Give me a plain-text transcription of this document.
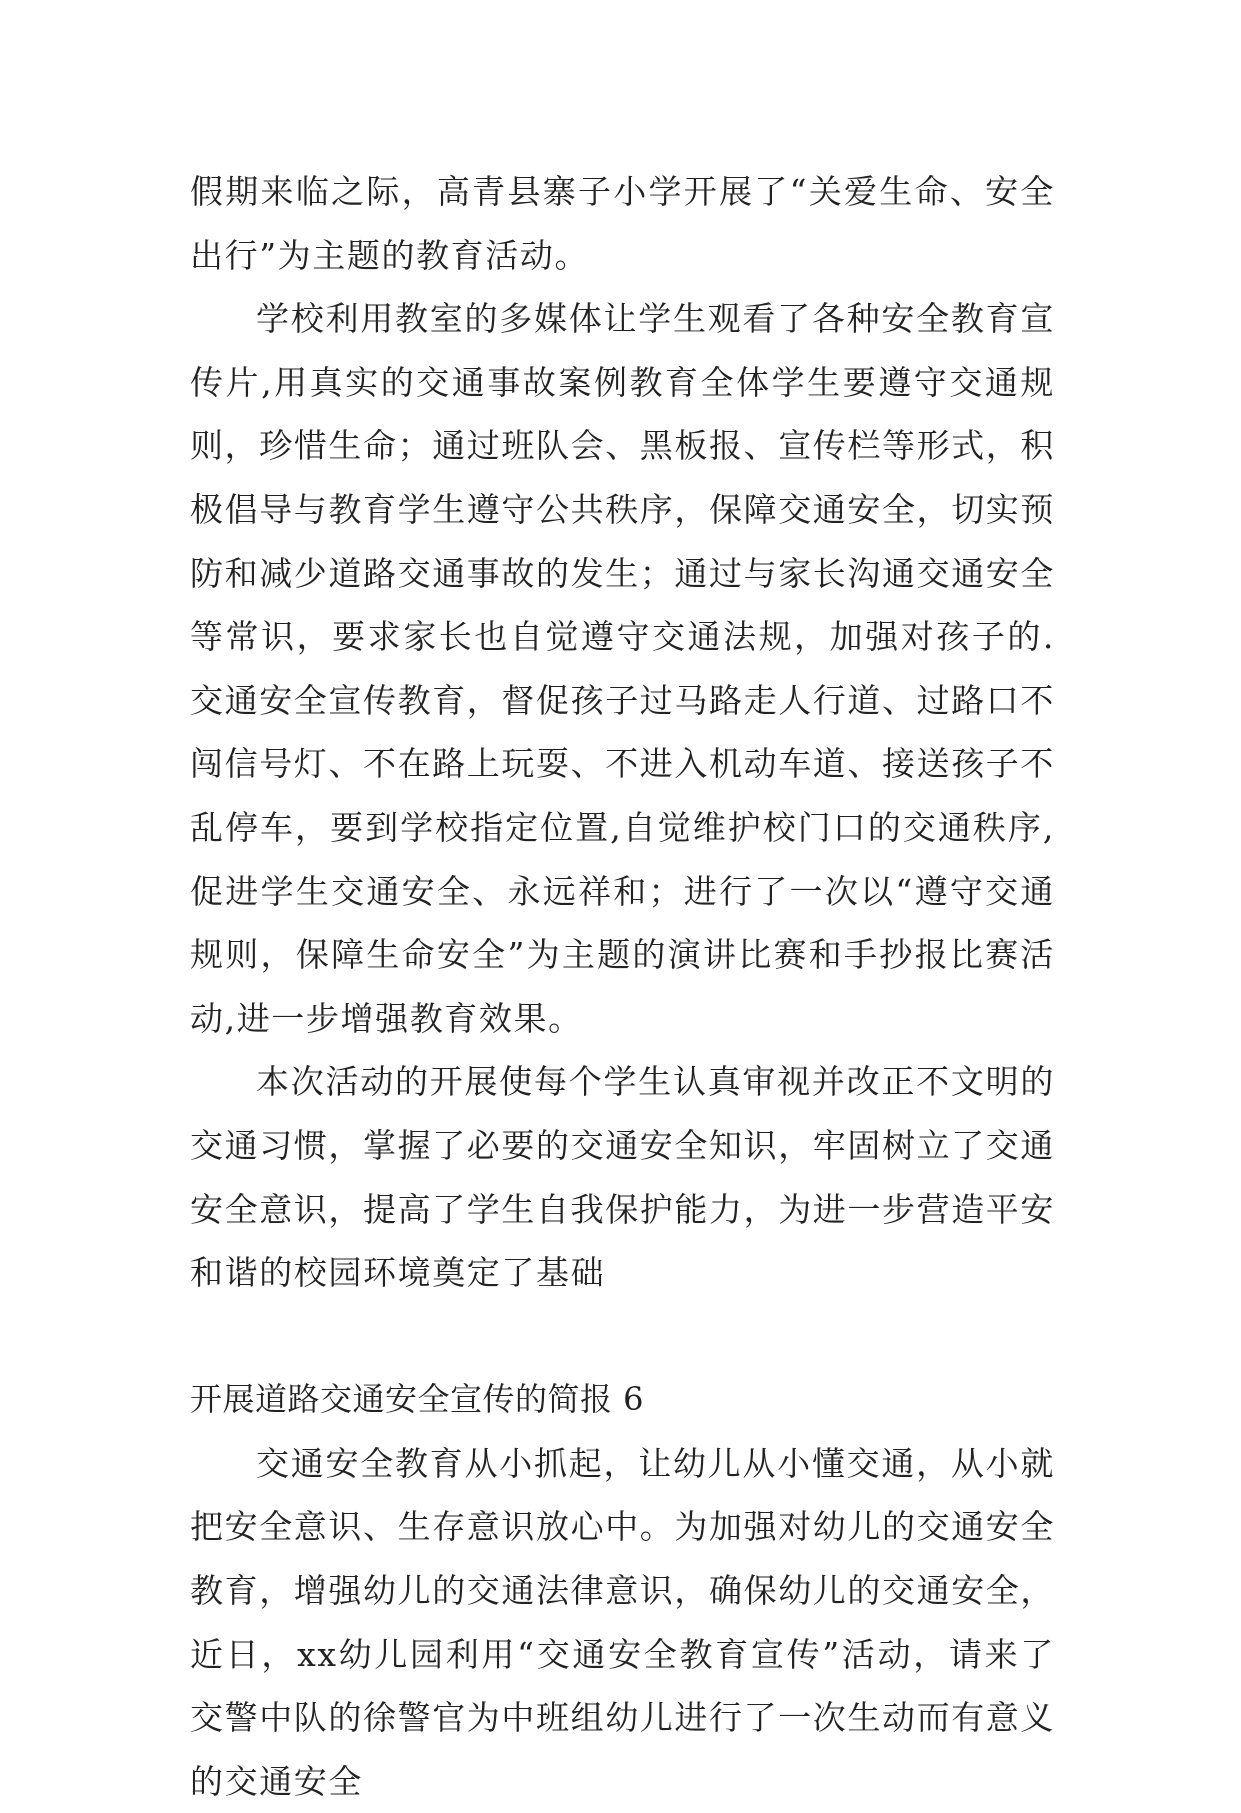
假期来临之际，高青县寨子小学开展了“关爱生命、安全出行”为主题的教育活动。

学校利用教室的多媒体让学生观看了各种安全教育宣传片,用真实的交通事故案例教育全体学生要遵守交通规则，珍惜生命；通过班队会、黑板报、宣传栏等形式，积极倡导与教育学生遵守公共秩序，保障交通安全，切实预防和减少道路交通事故的发生；通过与家长沟通交通安全等常识，要求家长也自觉遵守交通法规，加强对孩子的.交通安全宣传教育，督促孩子过马路走人行道、过路口不闯信号灯、不在路上玩耍、不进入机动车道、接送孩子不乱停车，要到学校指定位置,自觉维护校门口的交通秩序,促进学生交通安全、永远祥和；进行了一次以“遵守交通规则，保障生命安全”为主题的演讲比赛和手抄报比赛活动,进一步增强教育效果。

本次活动的开展使每个学生认真审视并改正不文明的交通习惯，掌握了必要的交通安全知识，牢固树立了交通安全意识，提高了学生自我保护能力，为进一步营造平安和谐的校园环境奠定了基础

开展道路交通安全宣传的简报 6

交通安全教育从小抓起，让幼儿从小懂交通，从小就把安全意识、生存意识放心中。为加强对幼儿的交通安全教育，增强幼儿的交通法律意识，确保幼儿的交通安全，近日，xx幼儿园利用“交通安全教育宣传”活动，请来了交警中队的徐警官为中班组幼儿进行了一次生动而有意义的交通安全
